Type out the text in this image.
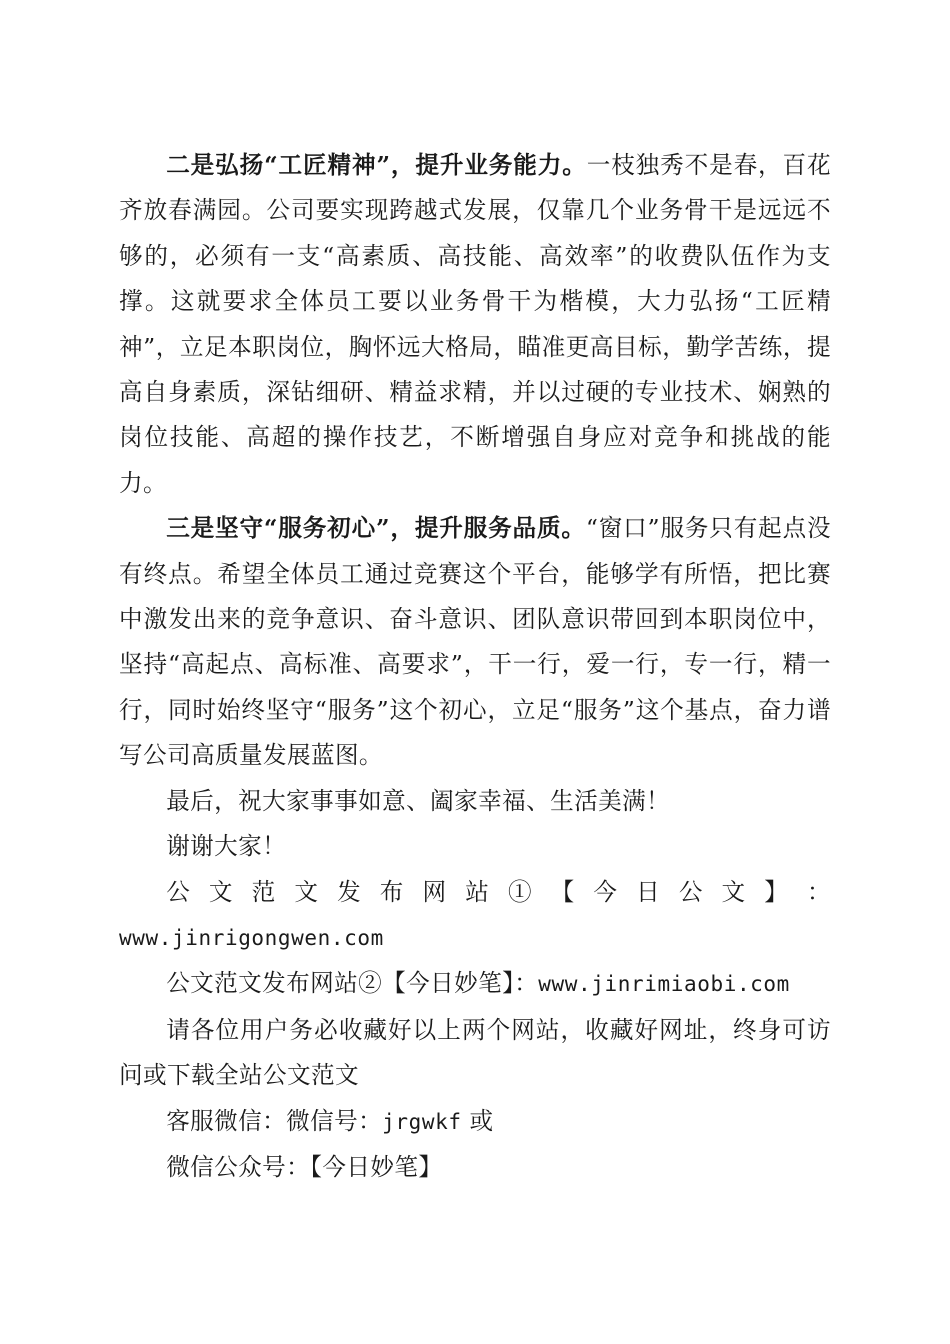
二是弘扬“工匠精神”，提升业务能力。一枝独秀不是春，百花齐放春满园。公司要实现跨越式发展，仅靠几个业务骨干是远远不够的，必须有一支“高素质、高技能、高效率”的收费队伍作为支撑。这就要求全体员工要以业务骨干为楷模，大力弘扬“工匠精神”，立足本职岗位，胸怀远大格局，瞄准更高目标，勤学苦练，提高自身素质，深钻细研、精益求精，并以过硬的专业技术、娴熟的岗位技能、高超的操作技艺，不断增强自身应对竞争和挑战的能力。

三是坚守“服务初心”，提升服务品质。“窗口”服务只有起点没有终点。希望全体员工通过竞赛这个平台，能够学有所悟，把比赛中激发出来的竞争意识、奋斗意识、团队意识带回到本职岗位中，坚持“高起点、高标准、高要求”，干一行，爱一行，专一行，精一行，同时始终坚守“服务”这个初心，立足“服务”这个基点，奋力谱写公司高质量发展蓝图。

最后，祝大家事事如意、阖家幸福、生活美满！

谢谢大家！

公 文 范 文 发 布 网 站 ① 【 今 日 公 文 】 ：

www.jinrigongwen.com

公文范文发布网站②【今日妙笔】：www.jinrimiaobi.com

请各位用户务必收藏好以上两个网站，收藏好网址，终身可访问或下载全站公文范文

客服微信：微信号：jrgwkf 或

微信公众号：【今日妙笔】
